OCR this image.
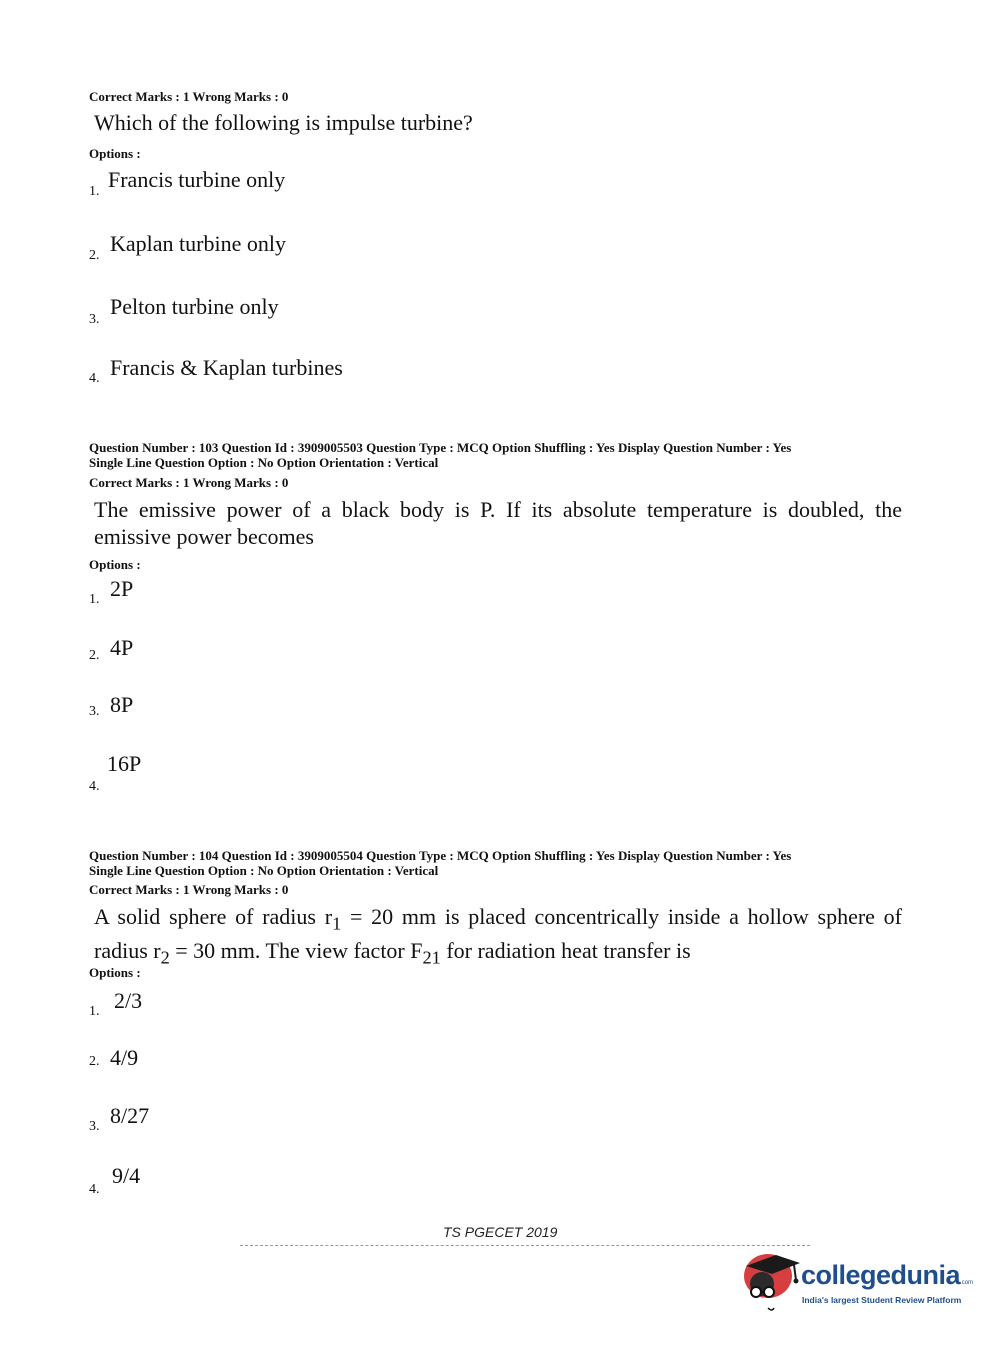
Correct Marks : 1 Wrong Marks : 0
Which of the following is impulse turbine?
Options :
1. Francis turbine only
2. Kaplan turbine only
3.
Pelton turbine only
4. Francis & Kaplan turbines
Question Number : 103 Question Id : 3909005503 Question Type : MCQ Option Shuffling : Yes Display Question Number : Yes
Single Line Question Option : No Option Orientation : Vertical
Correct Marks : 1 Wrong Marks : 0
The emissive power of a black body is P. If its absolute temperature is doubled, the emissive power becomes
Options :
1. 2P
2. 4P
3. 8P
4.
16P
Question Number : 104 Question Id : 3909005504 Question Type : MCQ Option Shuffling : Yes Display Question Number : Yes
Single Line Question Option : No Option Orientation : Vertical
Correct Marks : 1 Wrong Marks : 0
A solid sphere of radius $r_1 = 20$ mm is placed concentrically inside a hollow sphere of radius $r_2 = 30$ mm. The view factor $F_{21}$ for radiation heat transfer is
Options :
1. 2/3
2. 4/9
3. 8/27
4.
9/4
TS PGECET 2019
collegedunia.com
India's largest Student Review Platform
